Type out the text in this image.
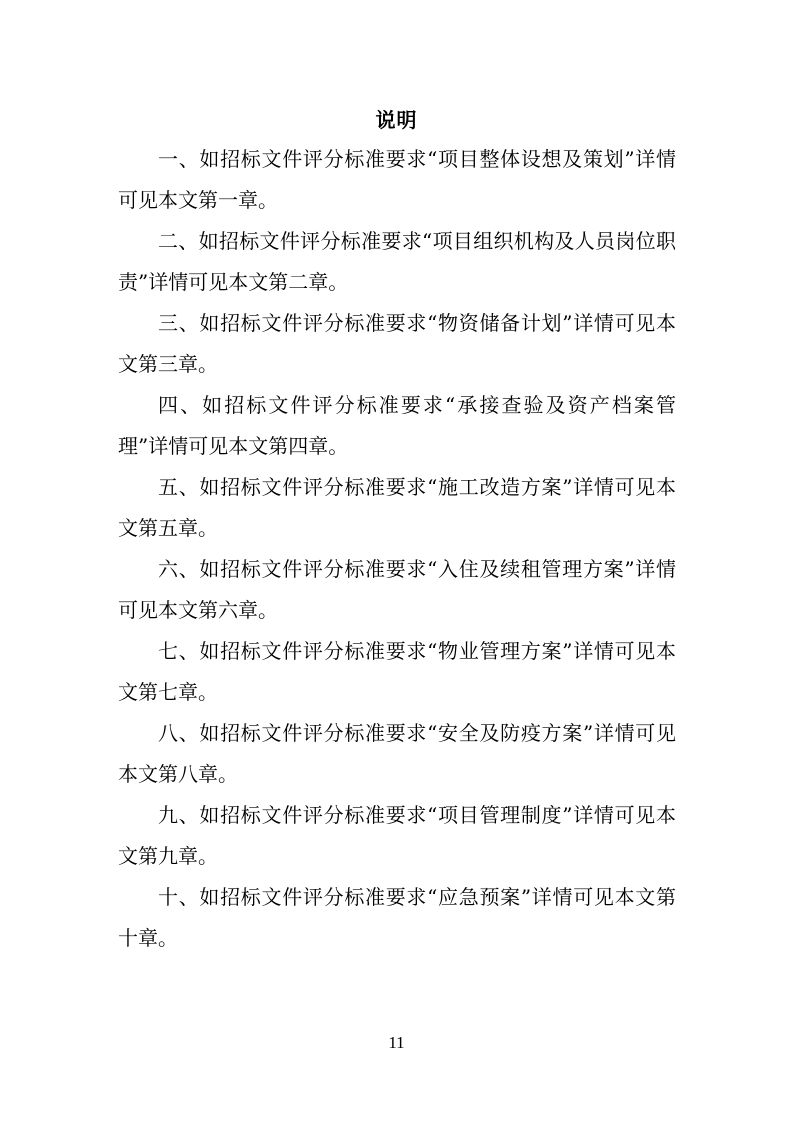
说明

一、如招标文件评分标准要求“项目整体设想及策划”详情可见本文第一章。

二、如招标文件评分标准要求“项目组织机构及人员岗位职责”详情可见本文第二章。

三、如招标文件评分标准要求“物资储备计划”详情可见本文第三章。

四、如招标文件评分标准要求“承接查验及资产档案管理”详情可见本文第四章。

五、如招标文件评分标准要求“施工改造方案”详情可见本文第五章。

六、如招标文件评分标准要求“入住及续租管理方案”详情可见本文第六章。

七、如招标文件评分标准要求“物业管理方案”详情可见本文第七章。

八、如招标文件评分标准要求“安全及防疫方案”详情可见本文第八章。

九、如招标文件评分标准要求“项目管理制度”详情可见本文第九章。

十、如招标文件评分标准要求“应急预案”详情可见本文第十章。

11
